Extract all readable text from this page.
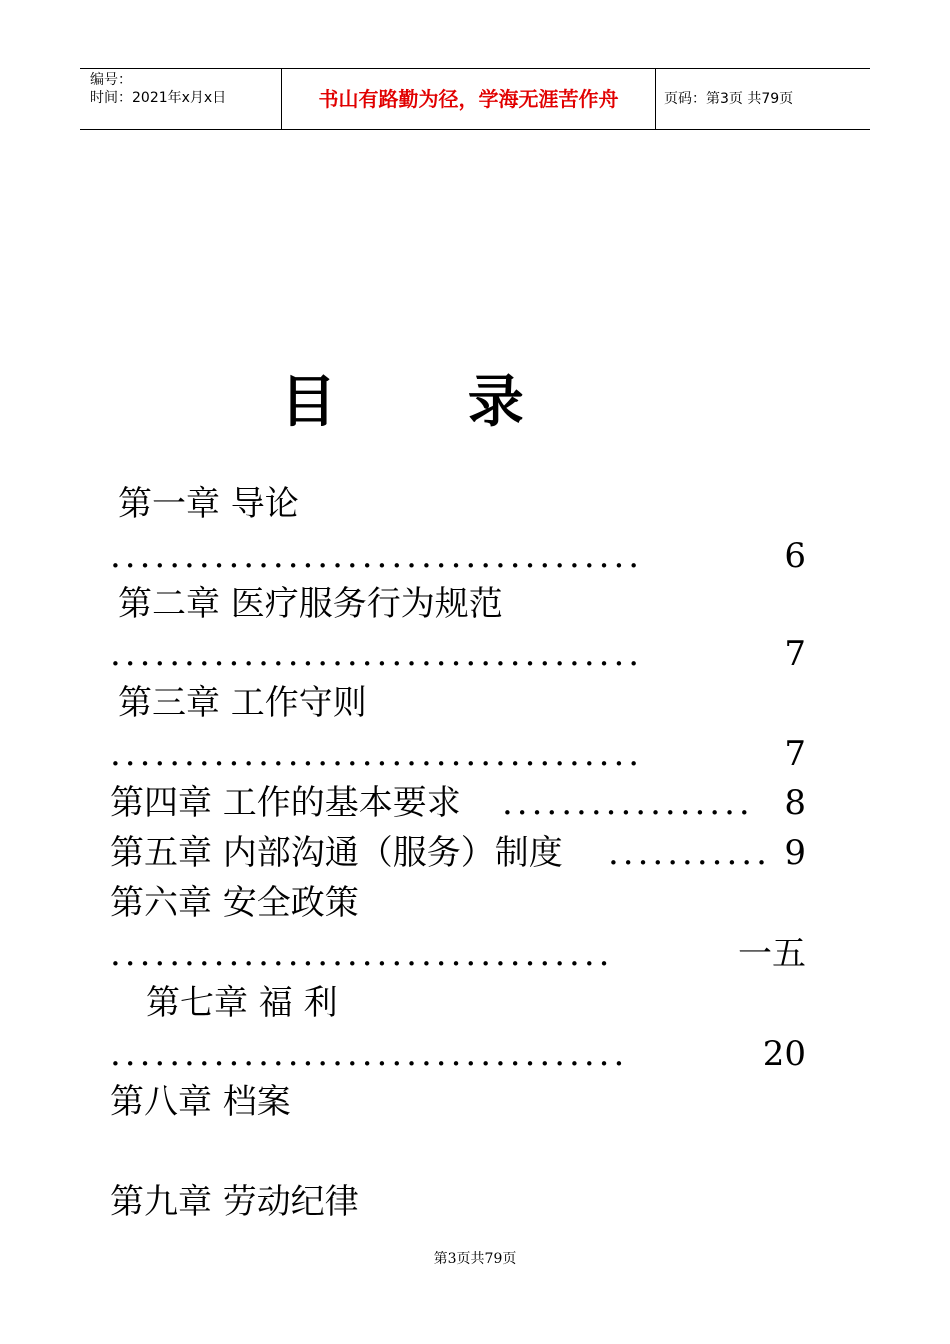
编号：
时间：2021年x月x日	书山有路勤为径，学海无涯苦作舟	页码：第3页 共79页
目 录
第一章 导论
....................................	6
第二章 医疗服务行为规范
....................................	7
第三章 工作守则
....................................	7
第四章 工作的基本要求 ................. 8
第五章 内部沟通（服务）制度 ........... 9
第六章 安全政策
..................................	一五
第七章 福 利
...................................	20
第八章 档案
第九章 劳动纪律
第3页共79页
